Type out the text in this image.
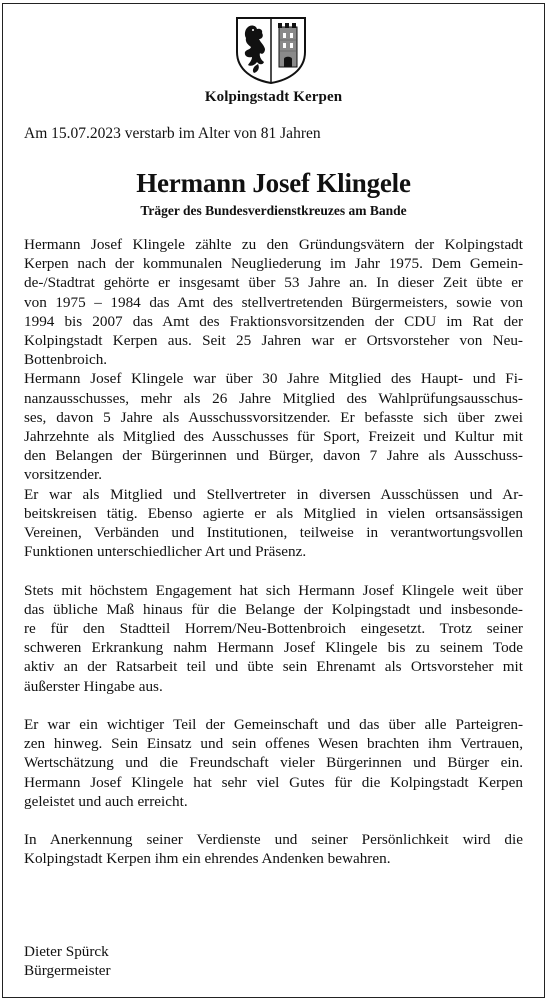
Kolpingstadt Kerpen
Am 15.07.2023 verstarb im Alter von 81 Jahren
Hermann Josef Klingele
Träger des Bundesverdienstkreuzes am Bande
Hermann Josef Klingele zählte zu den Gründungsvätern der Kolpingstadt
Kerpen nach der kommunalen Neugliederung im Jahr 1975. Dem Gemein-
de-/Stadtrat gehörte er insgesamt über 53 Jahre an. In dieser Zeit übte er
von 1975 – 1984 das Amt des stellvertretenden Bürgermeisters, sowie von
1994 bis 2007 das Amt des Fraktionsvorsitzenden der CDU im Rat der
Kolpingstadt Kerpen aus. Seit 25 Jahren war er Ortsvorsteher von Neu-
Bottenbroich.
Hermann Josef Klingele war über 30 Jahre Mitglied des Haupt- und Fi-
nanzausschusses, mehr als 26 Jahre Mitglied des Wahlprüfungsausschus-
ses, davon 5 Jahre als Ausschussvorsitzender. Er befasste sich über zwei
Jahrzehnte als Mitglied des Ausschusses für Sport, Freizeit und Kultur mit
den Belangen der Bürgerinnen und Bürger, davon 7 Jahre als Ausschuss-
vorsitzender.
Er war als Mitglied und Stellvertreter in diversen Ausschüssen und Ar-
beitskreisen tätig. Ebenso agierte er als Mitglied in vielen ortsansässigen
Vereinen, Verbänden und Institutionen, teilweise in verantwortungsvollen
Funktionen unterschiedlicher Art und Präsenz.
Stets mit höchstem Engagement hat sich Hermann Josef Klingele weit über
das übliche Maß hinaus für die Belange der Kolpingstadt und insbesonde-
re für den Stadtteil Horrem/Neu-Bottenbroich eingesetzt. Trotz seiner
schweren Erkrankung nahm Hermann Josef Klingele bis zu seinem Tode
aktiv an der Ratsarbeit teil und übte sein Ehrenamt als Ortsvorsteher mit
äußerster Hingabe aus.
Er war ein wichtiger Teil der Gemeinschaft und das über alle Parteigren-
zen hinweg. Sein Einsatz und sein offenes Wesen brachten ihm Vertrauen,
Wertschätzung und die Freundschaft vieler Bürgerinnen und Bürger ein.
Hermann Josef Klingele hat sehr viel Gutes für die Kolpingstadt Kerpen
geleistet und auch erreicht.
In Anerkennung seiner Verdienste und seiner Persönlichkeit wird die
Kolpingstadt Kerpen ihm ein ehrendes Andenken bewahren.
Dieter Spürck
Bürgermeister
